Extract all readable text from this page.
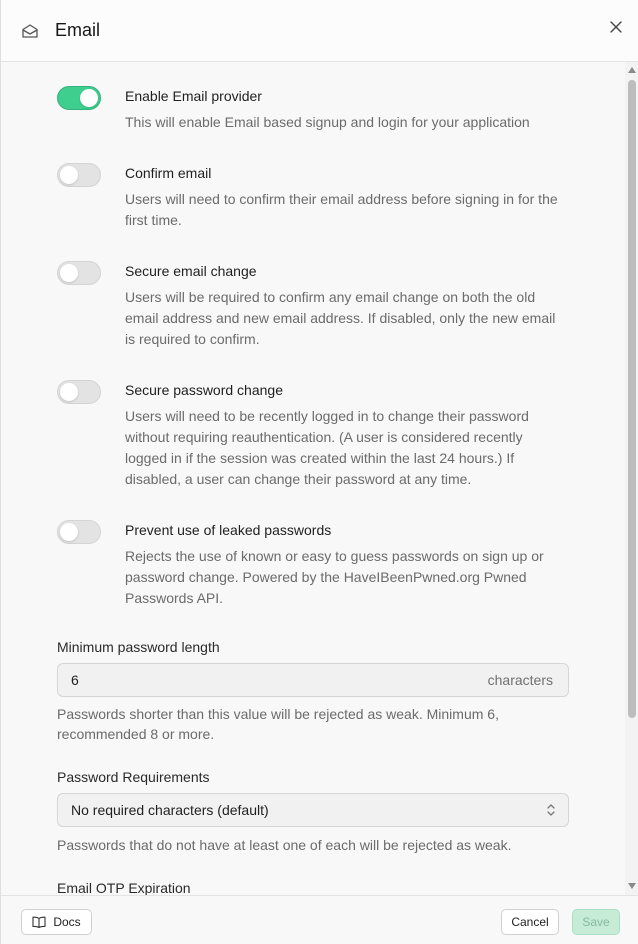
Email
Enable Email provider
This will enable Email based signup and login for your application
Confirm email
Users will need to confirm their email address before signing in for the first time.
Secure email change
Users will be required to confirm any email change on both the old email address and new email address. If disabled, only the new email is required to confirm.
Secure password change
Users will need to be recently logged in to change their password without requiring reauthentication. (A user is considered recently logged in if the session was created within the last 24 hours.) If disabled, a user can change their password at any time.
Prevent use of leaked passwords
Rejects the use of known or easy to guess passwords on sign up or password change. Powered by the HaveIBeenPwned.org Pwned Passwords API.
Minimum password length
6	characters
Passwords shorter than this value will be rejected as weak. Minimum 6, recommended 8 or more.
Password Requirements
No required characters (default)
Passwords that do not have at least one of each will be rejected as weak.
Email OTP Expiration
Docs	Cancel	Save
